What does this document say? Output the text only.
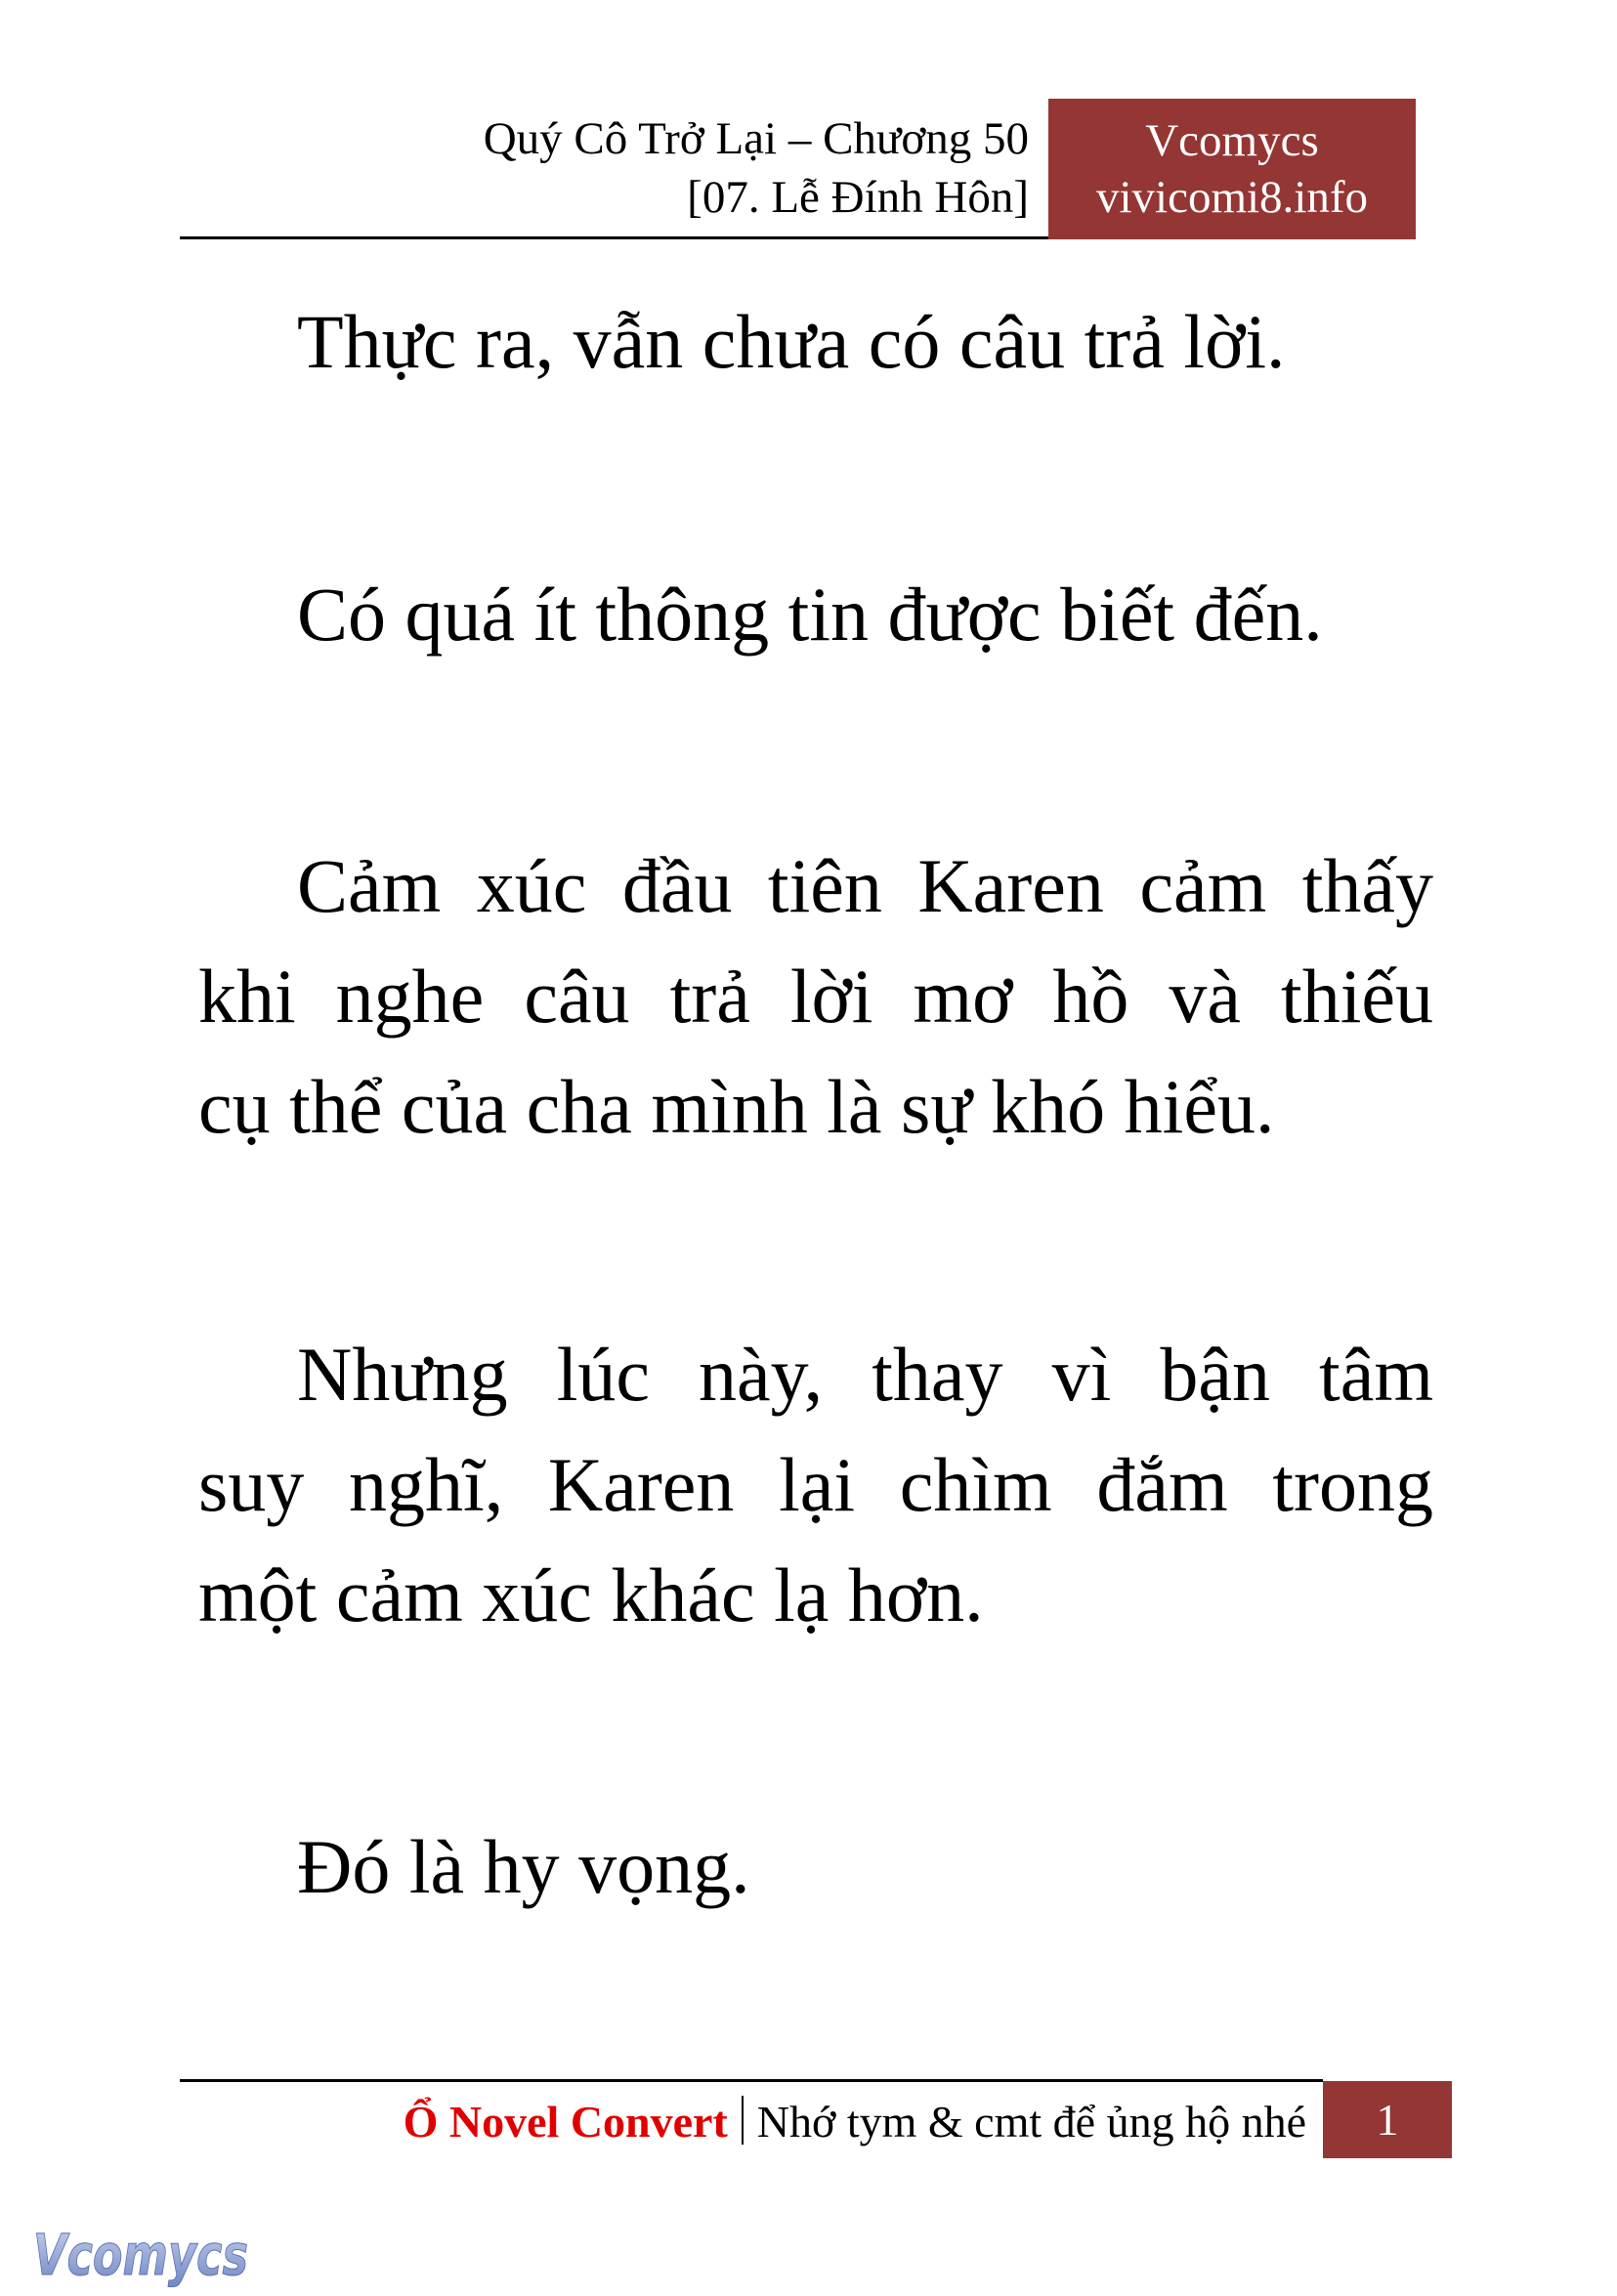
Quý Cô Trở Lại – Chương 50
[07. Lễ Đính Hôn]
Vcomycs
vivicomi8.info
Thực ra, vẫn chưa có câu trả lời.
Có quá ít thông tin được biết đến.
Cảm xúc đầu tiên Karen cảm thấy
khi nghe câu trả lời mơ hồ và thiếu
cụ thể của cha mình là sự khó hiểu.
Nhưng lúc này, thay vì bận tâm
suy nghĩ, Karen lại chìm đắm trong
một cảm xúc khác lạ hơn.
Đó là hy vọng.
Ổ Novel Convert Nhớ tym & cmt để ủng hộ nhé	1
Vcomycs
